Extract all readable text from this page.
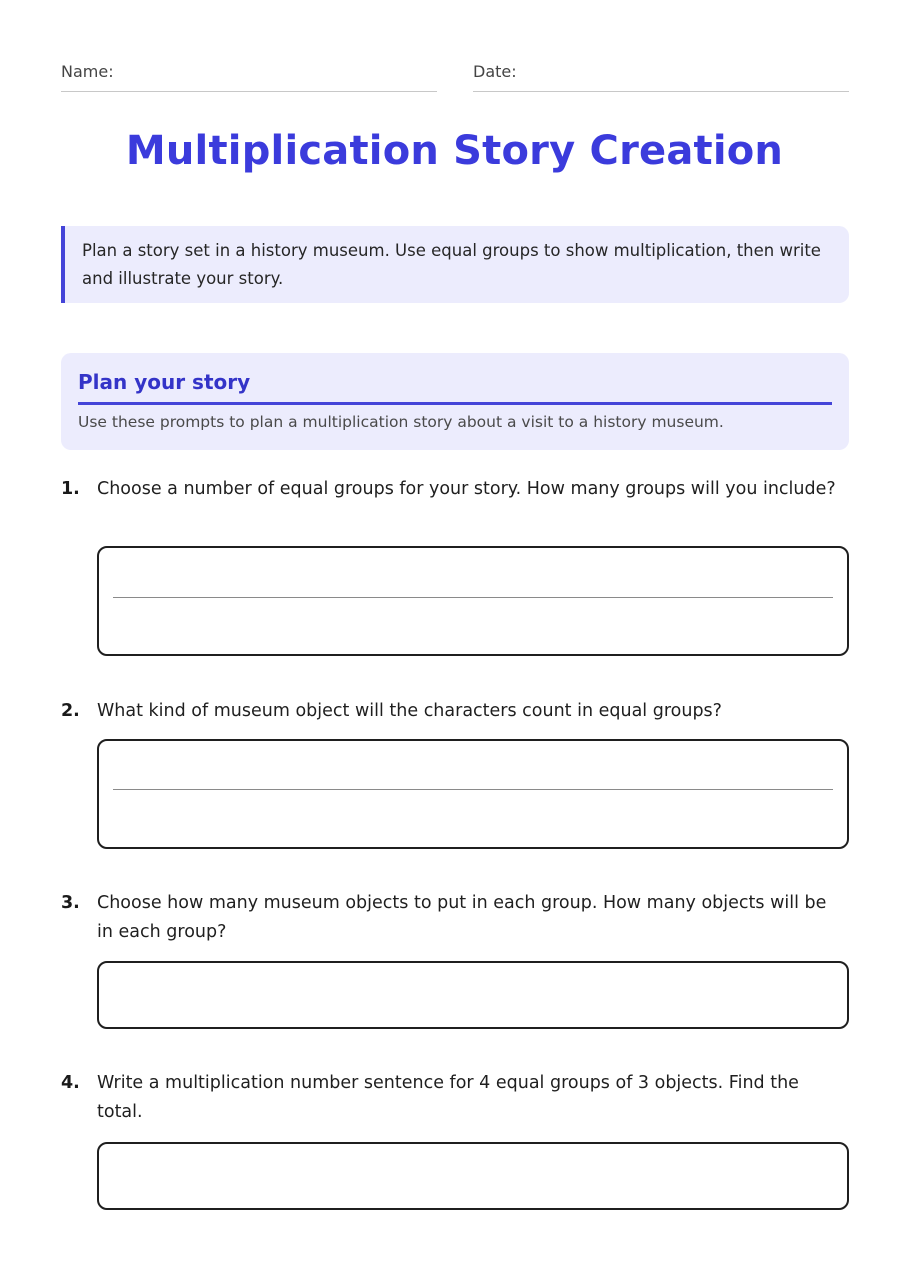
Name:	Date:
Multiplication Story Creation
Plan a story set in a history museum. Use equal groups to show multiplication, then write and illustrate your story.
Plan your story
Use these prompts to plan a multiplication story about a visit to a history museum.
1. Choose a number of equal groups for your story. How many groups will you include?
2. What kind of museum object will the characters count in equal groups?
3. Choose how many museum objects to put in each group. How many objects will be in each group?
4. Write a multiplication number sentence for 4 equal groups of 3 objects. Find the total.
